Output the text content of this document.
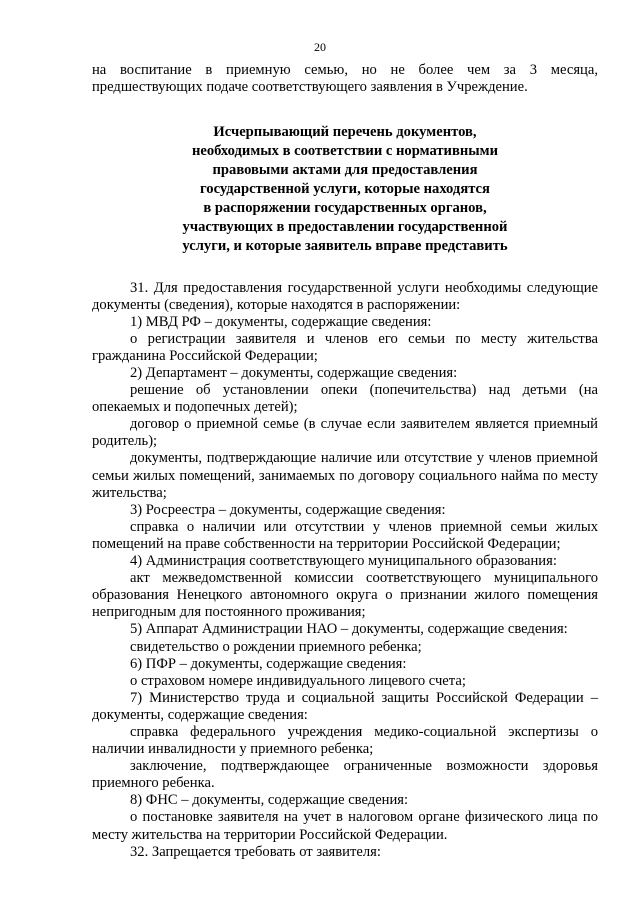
20

на воспитание в приемную семью, но не более чем за 3 месяца, предшествующих подаче соответствующего заявления в Учреждение.

Исчерпывающий перечень документов,
необходимых в соответствии с нормативными
правовыми актами для предоставления
государственной услуги, которые находятся
в распоряжении государственных органов,
участвующих в предоставлении государственной
услуги, и которые заявитель вправе представить

31. Для предоставления государственной услуги необходимы следующие документы (сведения), которые находятся в распоряжении:

1) МВД РФ – документы, содержащие сведения:

о регистрации заявителя и членов его семьи по месту жительства гражданина Российской Федерации;

2) Департамент – документы, содержащие сведения:

решение об установлении опеки (попечительства) над детьми (на опекаемых и подопечных детей);

договор о приемной семье (в случае если заявителем является приемный родитель);

документы, подтверждающие наличие или отсутствие у членов приемной семьи жилых помещений, занимаемых по договору социального найма по месту жительства;

3) Росреестра – документы, содержащие сведения:

справка о наличии или отсутствии у членов приемной семьи жилых помещений на праве собственности на территории Российской Федерации;

4) Администрация соответствующего муниципального образования:

акт межведомственной комиссии соответствующего муниципального образования Ненецкого автономного округа о признании жилого помещения непригодным для постоянного проживания;

5) Аппарат Администрации НАО – документы, содержащие сведения:

свидетельство о рождении приемного ребенка;

6) ПФР – документы, содержащие сведения:

о страховом номере индивидуального лицевого счета;

7) Министерство труда и социальной защиты Российской Федерации – документы, содержащие сведения:

справка федерального учреждения медико-социальной экспертизы о наличии инвалидности у приемного ребенка;

заключение, подтверждающее ограниченные возможности здоровья приемного ребенка.

8) ФНС – документы, содержащие сведения:

о постановке заявителя на учет в налоговом органе физического лица по месту жительства на территории Российской Федерации.

32. Запрещается требовать от заявителя:
